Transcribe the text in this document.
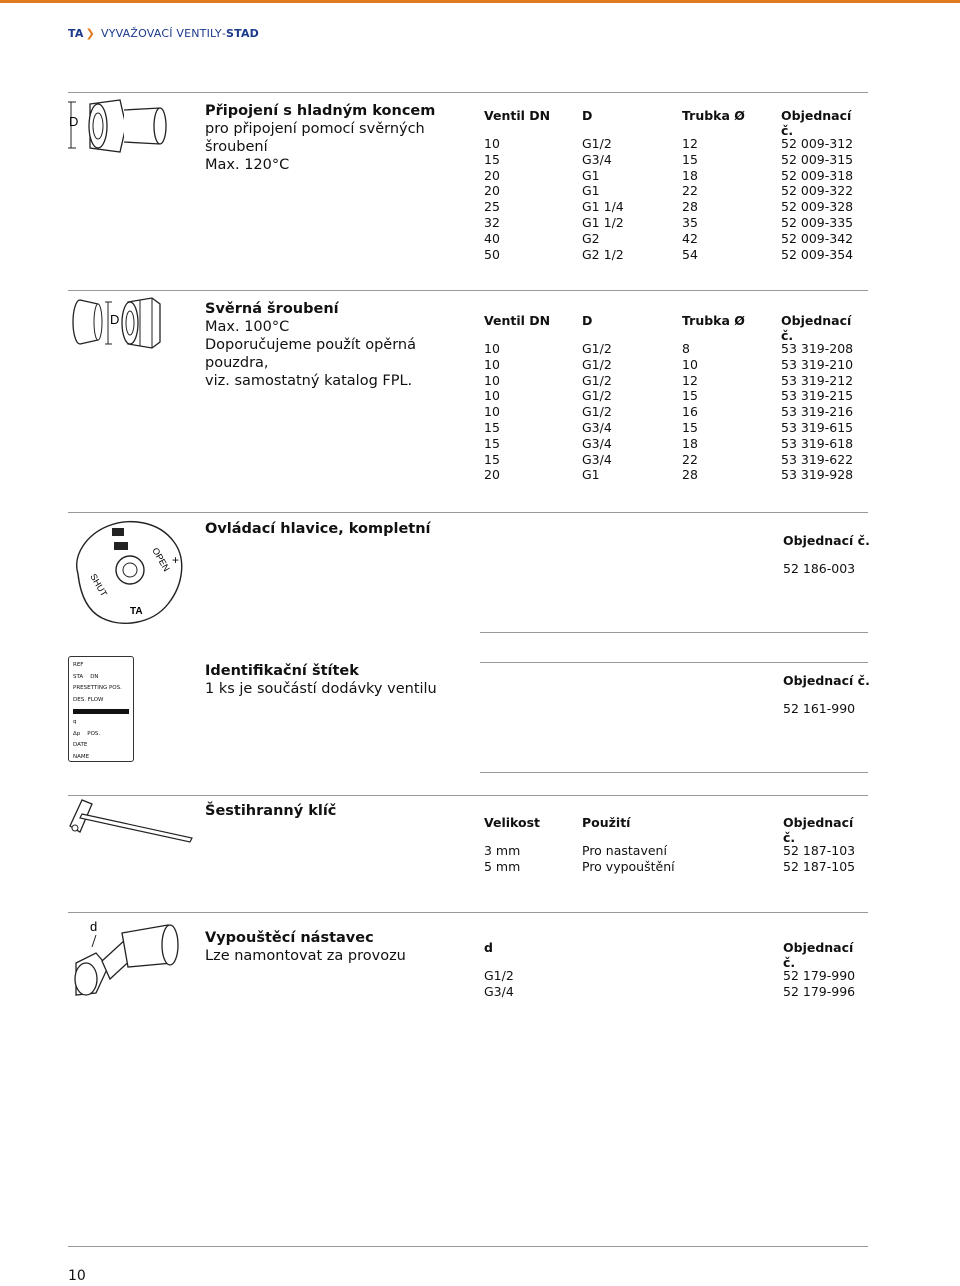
TA ❯ VYVAŽOVACÍ VENTILY - STAD
D
Připojení s hladným koncem
pro připojení pomocí svěrných šroubení
Max. 120°C
Ventil DN	D	Trubka Ø	Objednací č.
10	G1/2	12	52 009-312
15	G3/4	15	52 009-315
20	G1	18	52 009-318
20	G1	22	52 009-322
25	G1 1/4	28	52 009-328
32	G1 1/2	35	52 009-335
40	G2	42	52 009-342
50	G2 1/2	54	52 009-354
D
Svěrná šroubení
Max. 100°C
Doporučujeme použít opěrná pouzdra,
viz. samostatný katalog FPL.
Ventil DN	D	Trubka Ø	Objednací č.
10	G1/2	8	53 319-208
10	G1/2	10	53 319-210
10	G1/2	12	53 319-212
10	G1/2	15	53 319-215
10	G1/2	16	53 319-216
15	G3/4	15	53 319-615
15	G3/4	18	53 319-618
15	G3/4	22	53 319-622
20	G1	28	53 319-928
SHUT
OPEN
TA
+
Ovládací hlavice, kompletní
Objednací č.
52 186-003
REF
STA DN
PRESETTING POS.
DES. FLOW
q
Δp POS.
DATE
NAME
Identifikační štítek
1 ks je součástí dodávky ventilu
Objednací č.
52 161-990
Šestihranný klíč
Velikost	Použití	Objednací č.
3 mm	Pro nastavení	52 187-103
5 mm	Pro vypouštění	52 187-105
d
Vypouštěcí nástavec
Lze namontovat za provozu
d	Objednací č.
G1/2	52 179-990
G3/4	52 179-996
10
